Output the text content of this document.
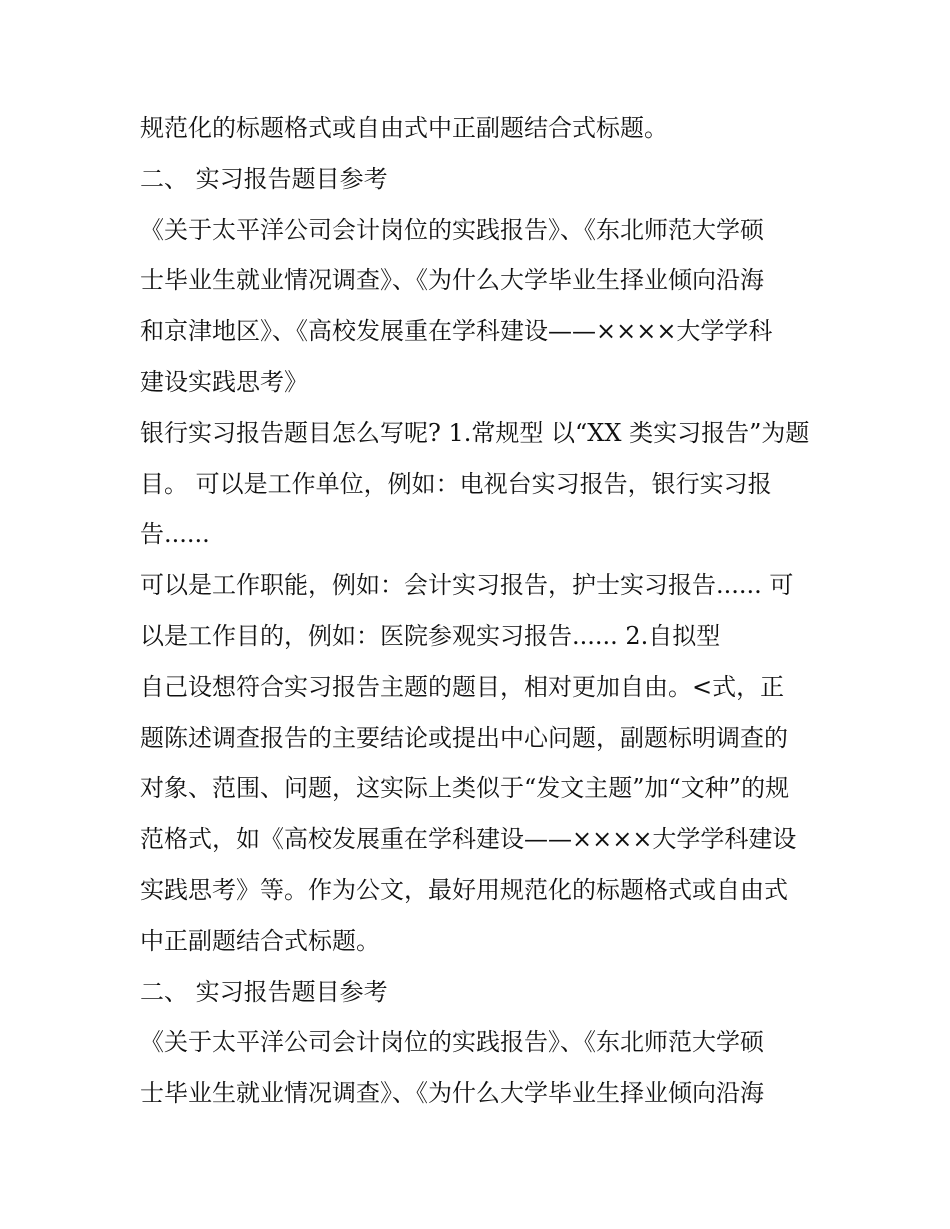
规范化的标题格式或自由式中正副题结合式标题。
二、 实习报告题目参考
《关于太平洋公司会计岗位的实践报告》、《东北师范大学硕
士毕业生就业情况调查》、《为什么大学毕业生择业倾向沿海
和京津地区》、《高校发展重在学科建设——××××大学学科
建设实践思考》
银行实习报告题目怎么写呢? 1.常规型 以“XX 类实习报告”为题
目。 可以是工作单位，例如：电视台实习报告，银行实习报
告......
可以是工作职能，例如：会计实习报告，护士实习报告...... 可
以是工作目的，例如：医院参观实习报告...... 2.自拟型
自己设想符合实习报告主题的题目，相对更加自由。<式，正
题陈述调查报告的主要结论或提出中心问题，副题标明调查的
对象、范围、问题，这实际上类似于“发文主题”加“文种”的规
范格式，如《高校发展重在学科建设——××××大学学科建设
实践思考》等。作为公文，最好用规范化的标题格式或自由式
中正副题结合式标题。
二、 实习报告题目参考
《关于太平洋公司会计岗位的实践报告》、《东北师范大学硕
士毕业生就业情况调查》、《为什么大学毕业生择业倾向沿海
